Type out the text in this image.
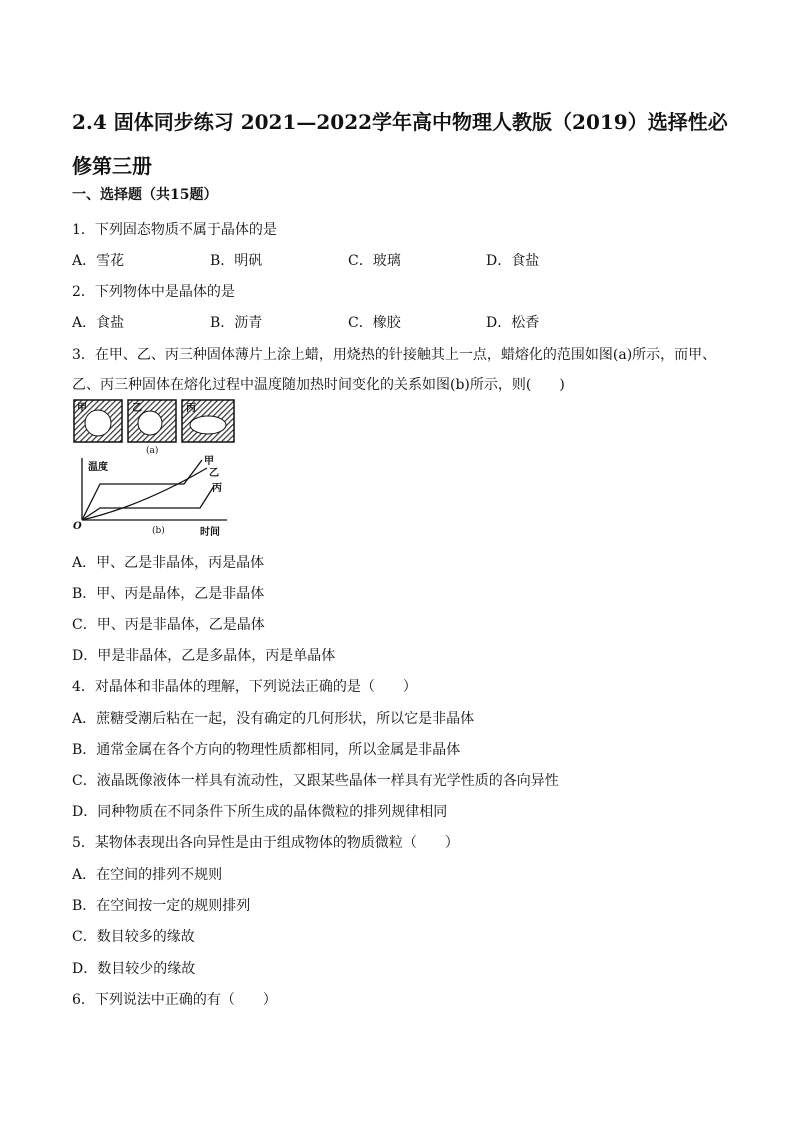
2.4 固体同步练习 2021—2022学年高中物理人教版（2019）选择性必修第三册
一、选择题（共15题）
1．下列固态物质不属于晶体的是
A．雪花	B．明矾	C．玻璃	D．食盐
2．下列物体中是晶体的是
A．食盐	B．沥青	C．橡胶	D．松香
3．在甲、乙、丙三种固体薄片上涂上蜡，用烧热的针接触其上一点，蜡熔化的范围如图(a)所示，而甲、
乙、丙三种固体在熔化过程中温度随加热时间变化的关系如图(b)所示，则(　　)
甲	乙	丙
(a)
温度
时间
O
甲
乙
丙
(b)
A．甲、乙是非晶体，丙是晶体
B．甲、丙是晶体，乙是非晶体
C．甲、丙是非晶体，乙是晶体
D．甲是非晶体，乙是多晶体，丙是单晶体
4．对晶体和非晶体的理解，下列说法正确的是（　　）
A．蔗糖受潮后粘在一起，没有确定的几何形状，所以它是非晶体
B．通常金属在各个方向的物理性质都相同，所以金属是非晶体
C．液晶既像液体一样具有流动性，又跟某些晶体一样具有光学性质的各向异性
D．同种物质在不同条件下所生成的晶体微粒的排列规律相同
5．某物体表现出各向异性是由于组成物体的物质微粒（　　）
A．在空间的排列不规则
B．在空间按一定的规则排列
C．数目较多的缘故
D．数目较少的缘故
6．下列说法中正确的有（　　）
